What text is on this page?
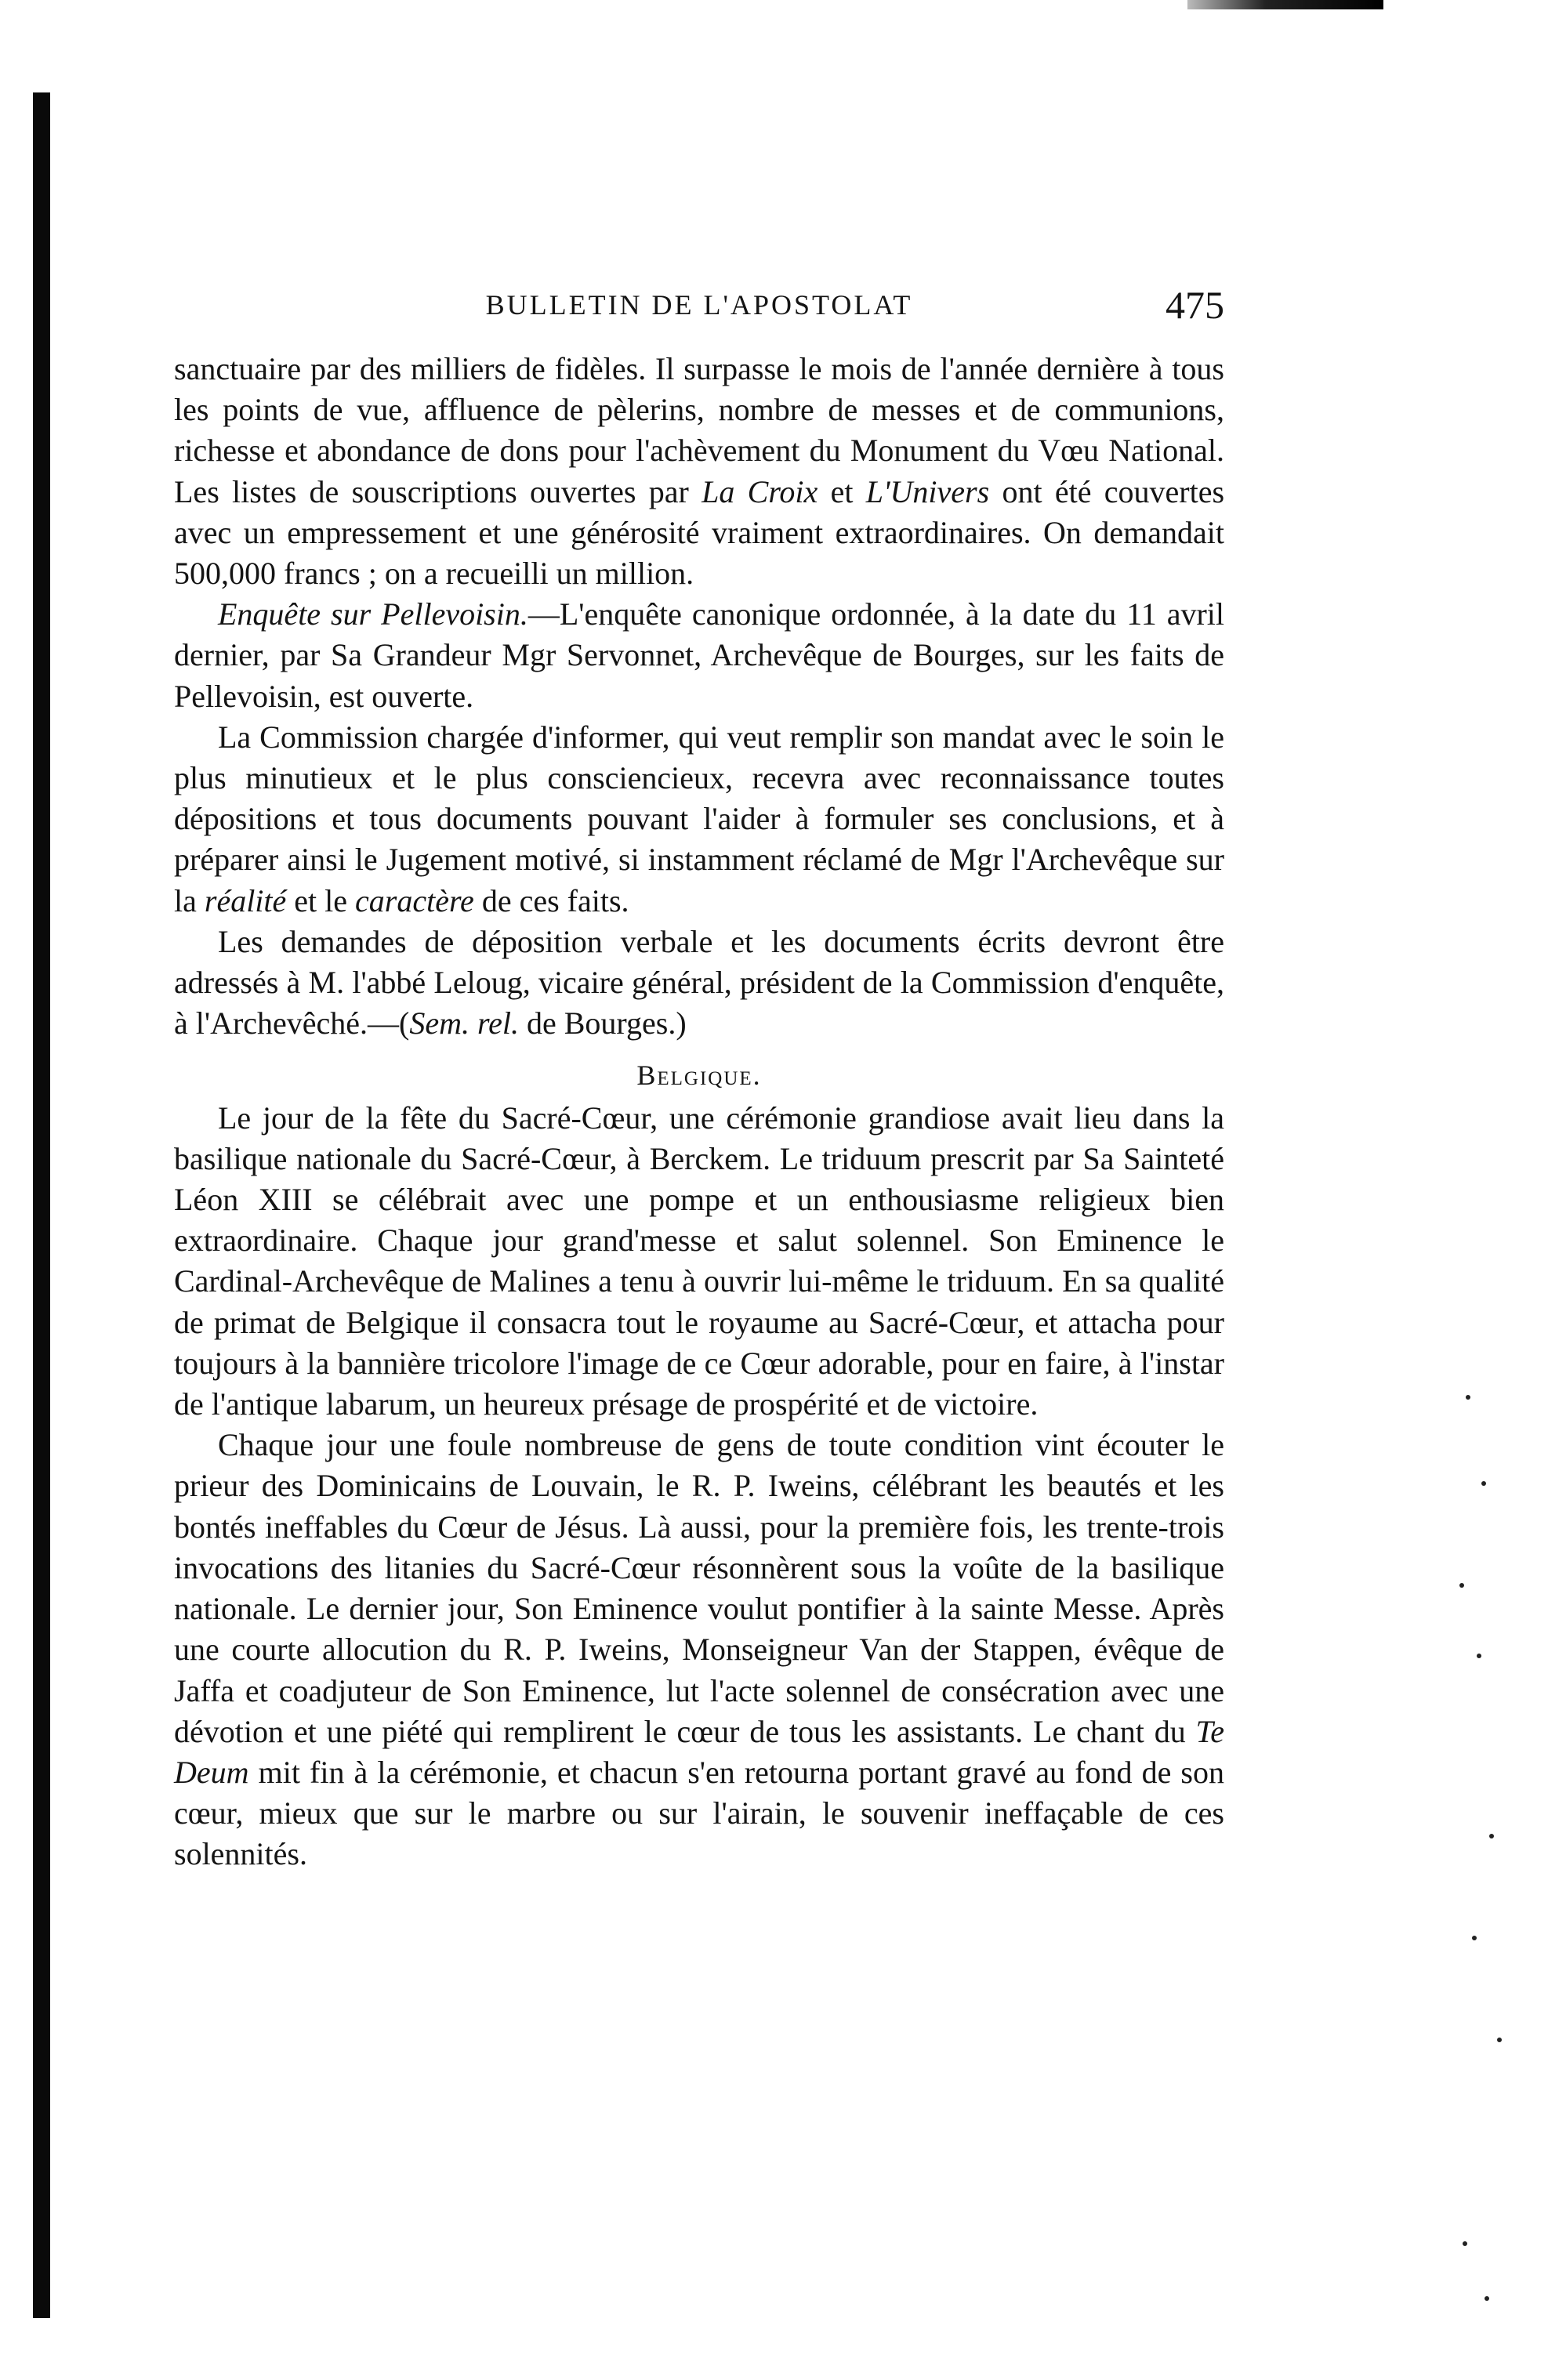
BULLETIN DE L'APOSTOLAT	475

sanctuaire par des milliers de fidèles. Il surpasse le mois de l'année dernière à tous les points de vue, affluence de pèlerins, nombre de messes et de communions, richesse et abondance de dons pour l'achèvement du Monument du Vœu National. Les listes de souscriptions ouvertes par La Croix et L'Univers ont été couvertes avec un empressement et une générosité vraiment extraordinaires. On demandait 500,000 francs ; on a recueilli un million.

Enquête sur Pellevoisin.—L'enquête canonique ordonnée, à la date du 11 avril dernier, par Sa Grandeur Mgr Servonnet, Archevêque de Bourges, sur les faits de Pellevoisin, est ouverte.

La Commission chargée d'informer, qui veut remplir son mandat avec le soin le plus minutieux et le plus consciencieux, recevra avec reconnaissance toutes dépositions et tous documents pouvant l'aider à formuler ses conclusions, et à préparer ainsi le Jugement motivé, si instamment réclamé de Mgr l'Archevêque sur la réalité et le caractère de ces faits.

Les demandes de déposition verbale et les documents écrits devront être adressés à M. l'abbé Leloug, vicaire général, président de la Commission d'enquête, à l'Archevêché.—(Sem. rel. de Bourges.)

Belgique.

Le jour de la fête du Sacré-Cœur, une cérémonie grandiose avait lieu dans la basilique nationale du Sacré-Cœur, à Berckem. Le triduum prescrit par Sa Sainteté Léon XIII se célébrait avec une pompe et un enthousiasme religieux bien extraordinaire. Chaque jour grand'messe et salut solennel. Son Eminence le Cardinal-Archevêque de Malines a tenu à ouvrir lui-même le triduum. En sa qualité de primat de Belgique il consacra tout le royaume au Sacré-Cœur, et attacha pour toujours à la bannière tricolore l'image de ce Cœur adorable, pour en faire, à l'instar de l'antique labarum, un heureux présage de prospérité et de victoire.

Chaque jour une foule nombreuse de gens de toute condition vint écouter le prieur des Dominicains de Louvain, le R. P. Iweins, célébrant les beautés et les bontés ineffables du Cœur de Jésus. Là aussi, pour la première fois, les trente-trois invocations des litanies du Sacré-Cœur résonnèrent sous la voûte de la basilique nationale. Le dernier jour, Son Eminence voulut pontifier à la sainte Messe. Après une courte allocution du R. P. Iweins, Monseigneur Van der Stappen, évêque de Jaffa et coadjuteur de Son Eminence, lut l'acte solennel de consécration avec une dévotion et une piété qui remplirent le cœur de tous les assistants. Le chant du Te Deum mit fin à la cérémonie, et chacun s'en retourna portant gravé au fond de son cœur, mieux que sur le marbre ou sur l'airain, le souvenir ineffaçable de ces solennités.
